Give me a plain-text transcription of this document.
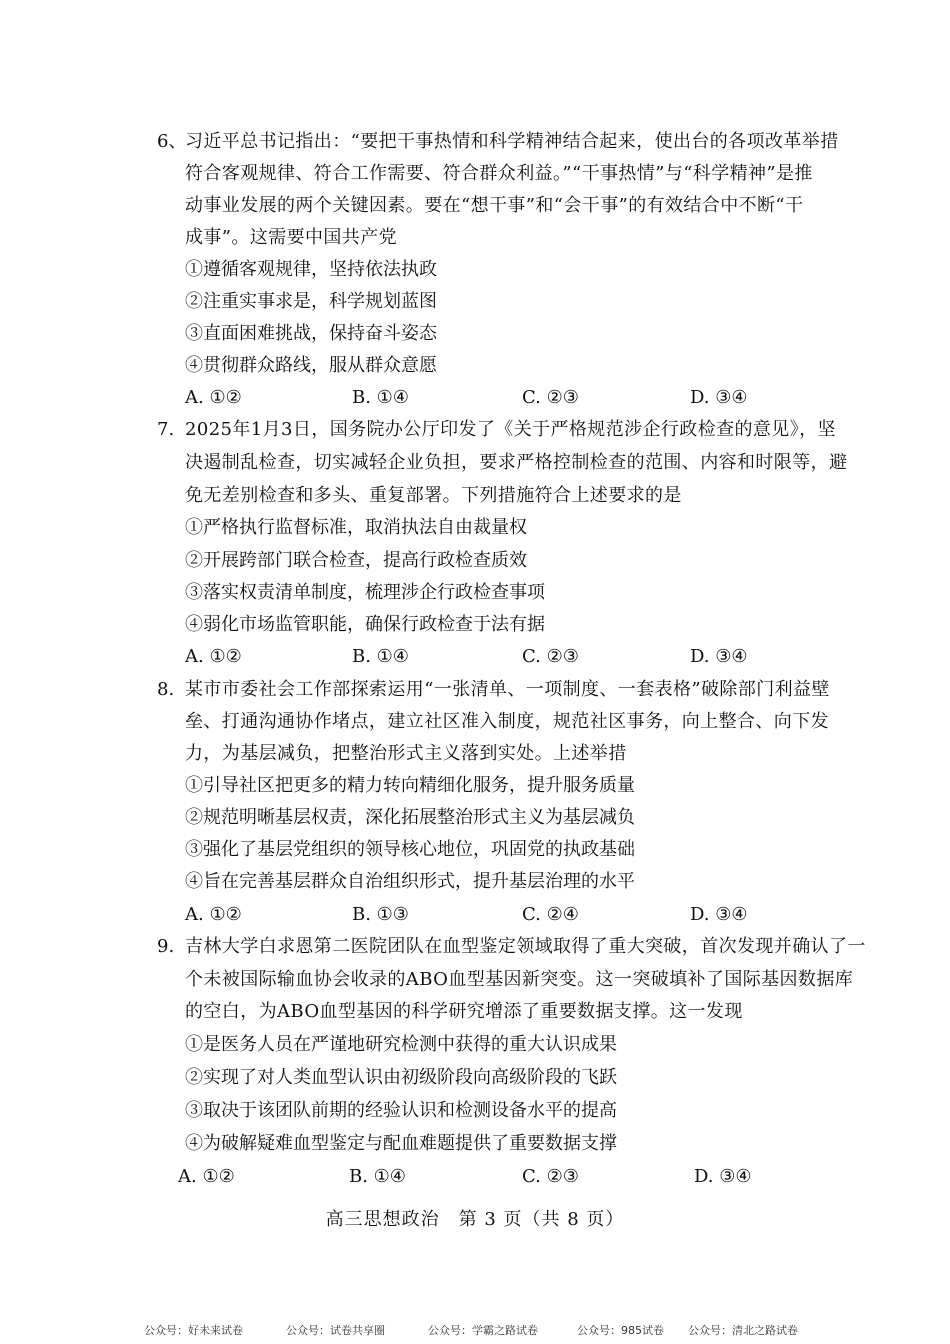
6、
习近平总书记指出：“要把干事热情和科学精神结合起来，使出台的各项改革举措
符合客观规律、符合工作需要、符合群众利益。”“干事热情”与“科学精神”是推
动事业发展的两个关键因素。要在“想干事”和“会干事”的有效结合中不断“干
成事”。这需要中国共产党
①遵循客观规律，坚持依法执政
②注重实事求是，科学规划蓝图
③直面困难挑战，保持奋斗姿态
④贯彻群众路线，服从群众意愿
A. ①②	B. ①④	C. ②③	D. ③④
7. 2025年1月3日，国务院办公厅印发了《关于严格规范涉企行政检查的意见》，坚
决遏制乱检查，切实减轻企业负担，要求严格控制检查的范围、内容和时限等，避
免无差别检查和多头、重复部署。下列措施符合上述要求的是
①严格执行监督标准，取消执法自由裁量权
②开展跨部门联合检查，提高行政检查质效
③落实权责清单制度，梳理涉企行政检查事项
④弱化市场监管职能，确保行政检查于法有据
A. ①②	B. ①④	C. ②③	D. ③④
8. 某市市委社会工作部探索运用“一张清单、一项制度、一套表格”破除部门利益壁
垒、打通沟通协作堵点，建立社区准入制度，规范社区事务，向上整合、向下发
力，为基层减负，把整治形式主义落到实处。上述举措
①引导社区把更多的精力转向精细化服务，提升服务质量
②规范明晰基层权责，深化拓展整治形式主义为基层减负
③强化了基层党组织的领导核心地位，巩固党的执政基础
④旨在完善基层群众自治组织形式，提升基层治理的水平
A. ①②	B. ①③	C. ②④	D. ③④
9. 吉林大学白求恩第二医院团队在血型鉴定领域取得了重大突破，首次发现并确认了一
个未被国际输血协会收录的ABO血型基因新突变。这一突破填补了国际基因数据库
的空白，为ABO血型基因的科学研究增添了重要数据支撑。这一发现
①是医务人员在严谨地研究检测中获得的重大认识成果
②实现了对人类血型认识由初级阶段向高级阶段的飞跃
③取决于该团队前期的经验认识和检测设备水平的提高
④为破解疑难血型鉴定与配血难题提供了重要数据支撑
A. ①②	B. ①④	C. ②③	D. ③④
高三思想政治　第 3 页（共 8 页）
公众号：好未来试卷	公众号：试卷共享圈	公众号：学霸之路试卷	公众号：985试卷 公众号：清北之路试卷
